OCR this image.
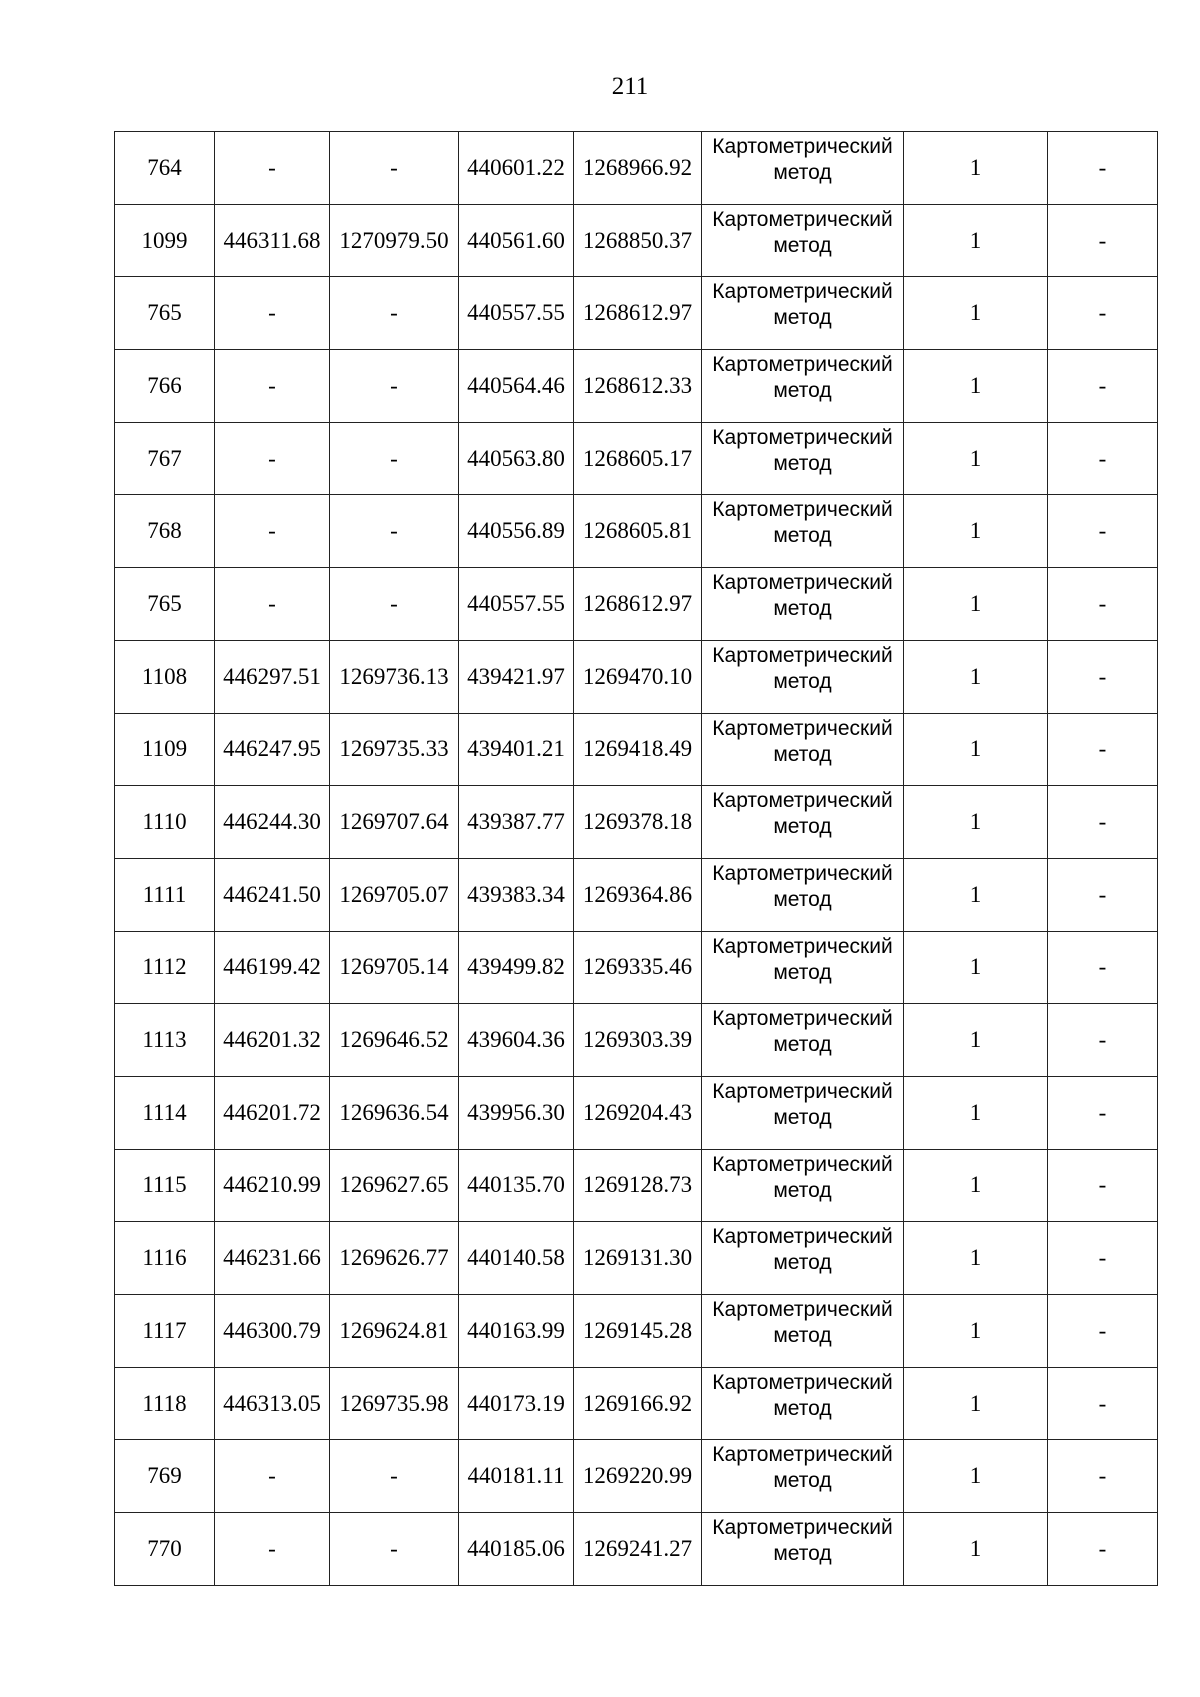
211
764	-	-	440601.22	1268966.92	Картометрический
метод	1	-
1099	446311.68	1270979.50	440561.60	1268850.37	Картометрический
метод	1	-
765	-	-	440557.55	1268612.97	Картометрический
метод	1	-
766	-	-	440564.46	1268612.33	Картометрический
метод	1	-
767	-	-	440563.80	1268605.17	Картометрический
метод	1	-
768	-	-	440556.89	1268605.81	Картометрический
метод	1	-
765	-	-	440557.55	1268612.97	Картометрический
метод	1	-
1108	446297.51	1269736.13	439421.97	1269470.10	Картометрический
метод	1	-
1109	446247.95	1269735.33	439401.21	1269418.49	Картометрический
метод	1	-
1110	446244.30	1269707.64	439387.77	1269378.18	Картометрический
метод	1	-
1111	446241.50	1269705.07	439383.34	1269364.86	Картометрический
метод	1	-
1112	446199.42	1269705.14	439499.82	1269335.46	Картометрический
метод	1	-
1113	446201.32	1269646.52	439604.36	1269303.39	Картометрический
метод	1	-
1114	446201.72	1269636.54	439956.30	1269204.43	Картометрический
метод	1	-
1115	446210.99	1269627.65	440135.70	1269128.73	Картометрический
метод	1	-
1116	446231.66	1269626.77	440140.58	1269131.30	Картометрический
метод	1	-
1117	446300.79	1269624.81	440163.99	1269145.28	Картометрический
метод	1	-
1118	446313.05	1269735.98	440173.19	1269166.92	Картометрический
метод	1	-
769	-	-	440181.11	1269220.99	Картометрический
метод	1	-
770	-	-	440185.06	1269241.27	Картометрический
метод	1	-
